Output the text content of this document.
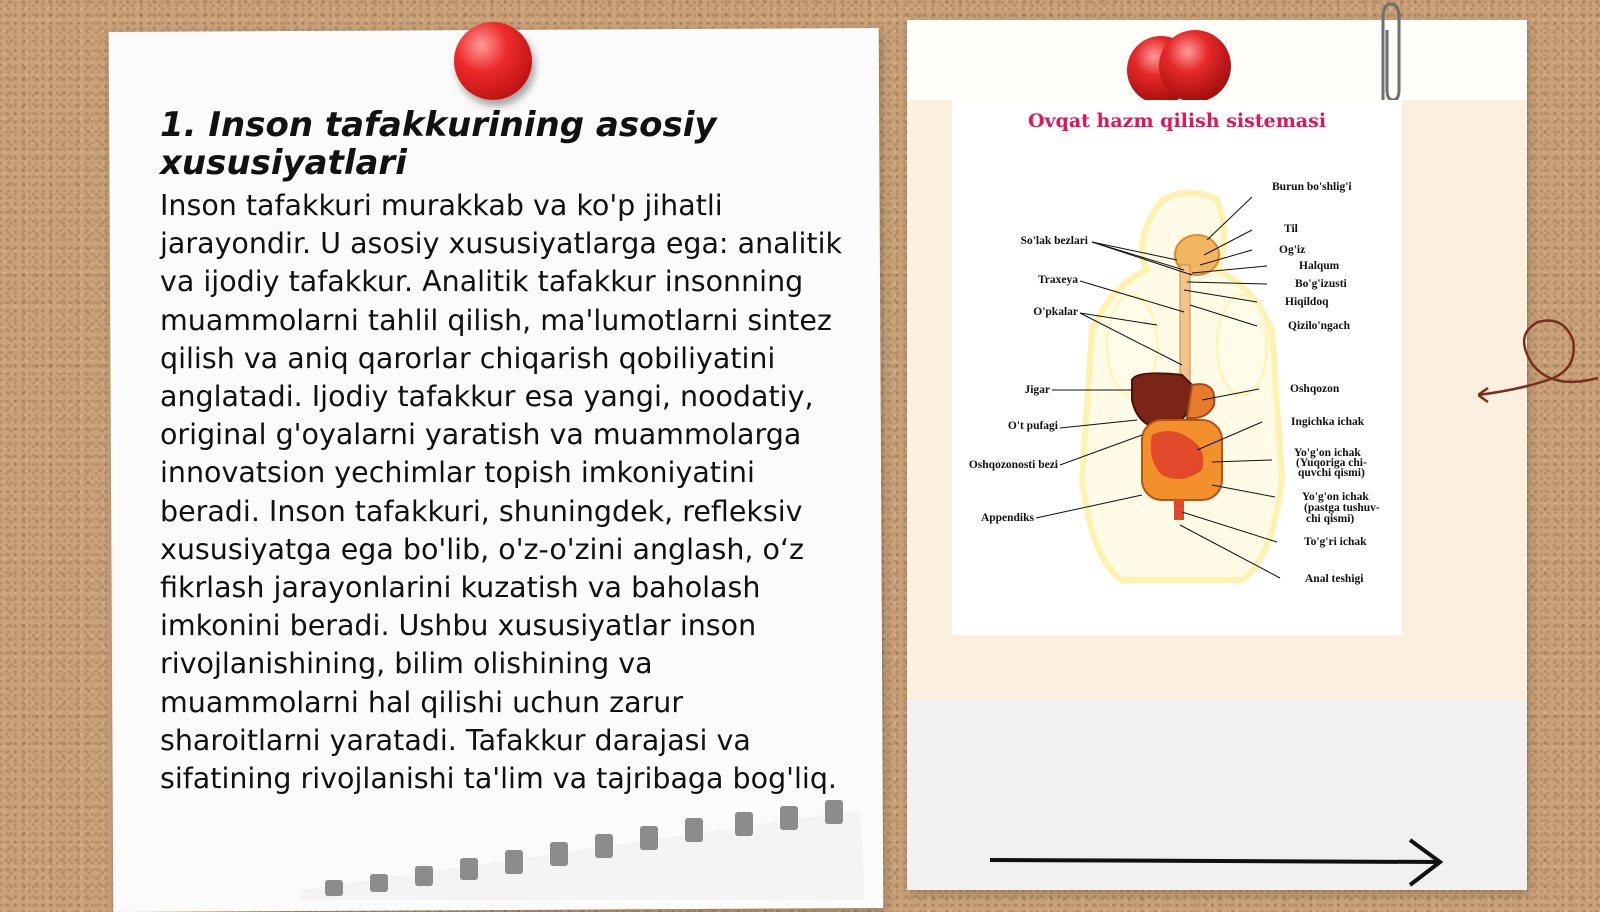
1. Inson tafakkurining asosiy xususiyatlari

Inson tafakkuri murakkab va ko'p jihatli jarayondir. U asosiy xususiyatlarga ega: analitik va ijodiy tafakkur. Analitik tafakkur insonning muammolarni tahlil qilish, ma'lumotlarni sintez qilish va aniq qarorlar chiqarish qobiliyatini anglatadi. Ijodiy tafakkur esa yangi, noodatiy, original g'oyalarni yaratish va muammolarga innovatsion yechimlar topish imkoniyatini beradi. Inson tafakkuri, shuningdek, refleksiv xususiyatga ega bo'lib, o'z-o'zini anglash, oʻz fikrlash jarayonlarini kuzatish va baholash imkonini beradi. Ushbu xususiyatlar inson rivojlanishining, bilim olishining va muammolarni hal qilishi uchun zarur sharoitlarni yaratadi. Tafakkur darajasi va sifatining rivojlanishi ta'lim va tajribaga bog'liq.

Ovqat hazm qilish sistemasi
So'lak bezlari
Traxeya
O'pkalar
Jigar
O't pufagi
Oshqozonosti bezi
Appendiks
Burun bo'shlig'i
Til
Og'iz
Halqum
Bo'g'izusti
Hiqildoq
Qizilo'ngach
Oshqozon
Ingichka ichak
Yo'g'on ichak
(Yuqoriga chi-
quvchi qismi)
Yo'g'on ichak
(pastga tushuv-
chi qismi)
To'g'ri ichak
Anal teshigi
